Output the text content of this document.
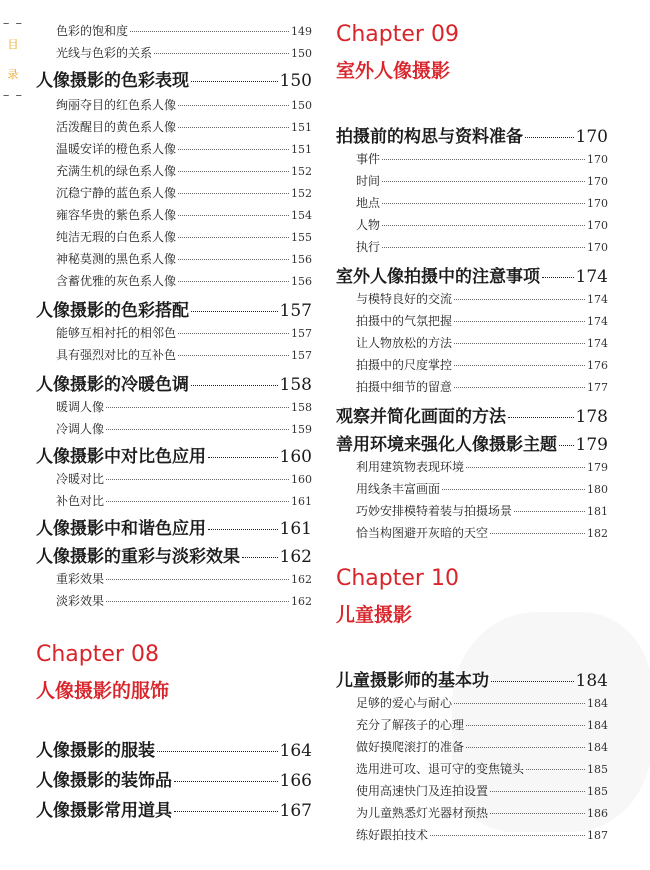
– –
目
录
– –
色彩的饱和度	149
光线与色彩的关系	150
人像摄影的色彩表现	150
绚丽夺目的红色系人像	150
活泼醒目的黄色系人像	151
温暖安详的橙色系人像	151
充满生机的绿色系人像	152
沉稳宁静的蓝色系人像	152
雍容华贵的紫色系人像	154
纯洁无瑕的白色系人像	155
神秘莫测的黑色系人像	156
含蓄优雅的灰色系人像	156
人像摄影的色彩搭配	157
能够互相衬托的相邻色	157
具有强烈对比的互补色	157
人像摄影的冷暖色调	158
暖调人像	158
冷调人像	159
人像摄影中对比色应用	160
冷暖对比	160
补色对比	161
人像摄影中和谐色应用	161
人像摄影的重彩与淡彩效果 162
重彩效果	162
淡彩效果	162
Chapter 08
人像摄影的服饰
人像摄影的服装	164
人像摄影的装饰品	166
人像摄影常用道具	167
Chapter 09
室外人像摄影
拍摄前的构思与资料准备	170
事件	170
时间	170
地点	170
人物	170
执行	170
室外人像拍摄中的注意事项 174
与模特良好的交流	174
拍摄中的气氛把握	174
让人物放松的方法	174
拍摄中的尺度掌控	176
拍摄中细节的留意	177
观察并简化画面的方法	178
善用环境来强化人像摄影主题 179
利用建筑物表现环境	179
用线条丰富画面	180
巧妙安排模特着装与拍摄场景	181
恰当构图避开灰暗的天空	182
Chapter 10
儿童摄影
儿童摄影师的基本功	184
足够的爱心与耐心	184
充分了解孩子的心理	184
做好摸爬滚打的准备	184
选用进可攻、退可守的变焦镜头	185
使用高速快门及连拍设置	185
为儿童熟悉灯光器材预热	186
练好跟拍技术	187
